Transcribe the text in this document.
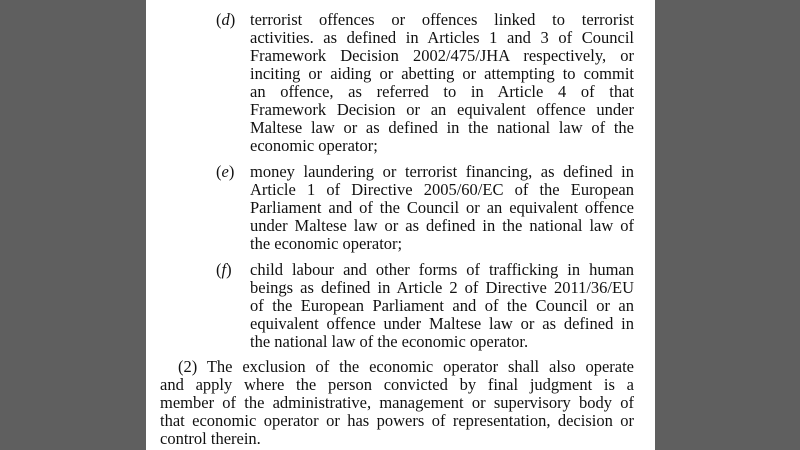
(d) terrorist offences or offences linked to terrorist
activities. as defined in Articles 1 and 3 of Council
Framework Decision 2002/475/JHA respectively, or
inciting or aiding or abetting or attempting to commit
an offence, as referred to in Article 4 of that
Framework Decision or an equivalent offence under
Maltese law or as defined in the national law of the
economic operator;
(e) money laundering or terrorist financing, as defined in
Article 1 of Directive 2005/60/EC of the European
Parliament and of the Council or an equivalent offence
under Maltese law or as defined in the national law of
the economic operator;
(f) child labour and other forms of trafficking in human
beings as defined in Article 2 of Directive 2011/36/EU
of the European Parliament and of the Council or an
equivalent offence under Maltese law or as defined in
the national law of the economic operator.
(2) The exclusion of the economic operator shall also operate
and apply where the person convicted by final judgment is a
member of the administrative, management or supervisory body of
that economic operator or has powers of representation, decision or
control therein.
